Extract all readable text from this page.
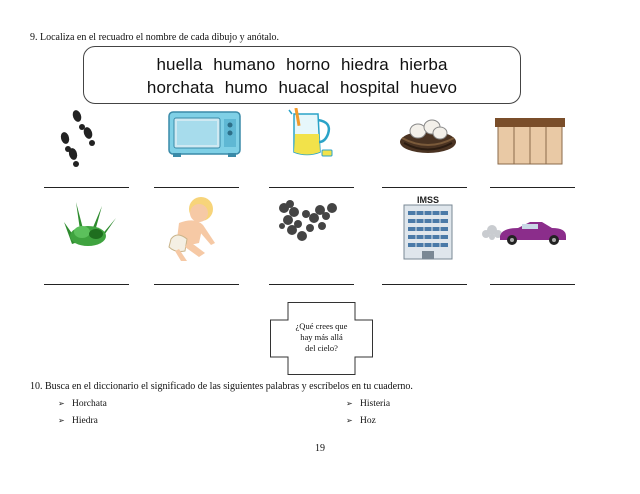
9. Localiza en el recuadro el nombre de cada dibujo y anótalo.
huella humano horno hiedra hierba
horchata humo huacal hospital huevo
IMSS
¿Qué crees que
hay más allá
del cielo?
10. Busca en el diccionario el significado de las siguientes palabras y escríbelos en tu cuaderno.
➢ Horchata
➢ Hiedra
➢ Histeria
➢ Hoz
19
